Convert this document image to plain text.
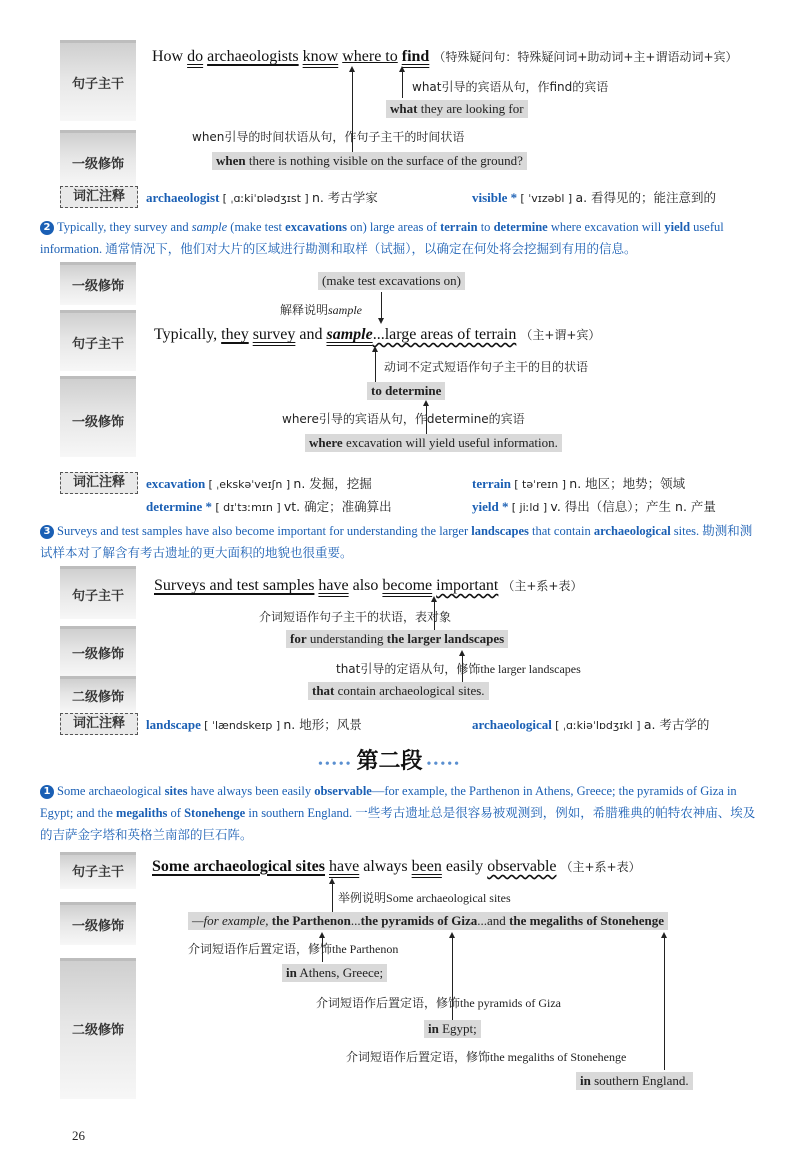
句子主干
How do archaeologists know where to find （特殊疑问句：特殊疑问词+助动词+主+谓语动词+宾）
what引导的宾语从句，作find的宾语
what they are looking for
一级修饰
when引导的时间状语从句，作句子主干的时间状语
when there is nothing visible on the surface of the ground?
词汇注释	archaeologist [ ˌɑːkiˈɒlədʒɪst ] n. 考古学家	visible * [ ˈvɪzəbl ] a. 看得见的；能注意到的
2 Typically, they survey and sample (make test excavations on) large areas of terrain to determine where excavation will yield useful information. 通常情况下，他们对大片的区域进行勘测和取样（试掘），以确定在何处将会挖掘到有用的信息。
一级修饰	(make test excavations on)
解释说明sample
句子主干
Typically, they survey and sample...large areas of terrain （主+谓+宾）
动词不定式短语作句子主干的目的状语
to determine
一级修饰	where引导的宾语从句，作determine的宾语
where excavation will yield useful information.
词汇注释	excavation [ ˌekskəˈveɪʃn ] n. 发掘，挖掘	terrain [ təˈreɪn ] n. 地区；地势；领域
determine * [ dɪˈtɜːmɪn ] vt. 确定；准确算出	yield * [ jiːld ] v. 得出（信息）；产生 n. 产量
3 Surveys and test samples have also become important for understanding the larger landscapes that contain archaeological sites. 勘测和测试样本对了解含有考古遗址的更大面积的地貌也很重要。
句子主干
Surveys and test samples have also become important （主+系+表）
介词短语作句子主干的状语，表对象
一级修饰
for understanding the larger landscapes
that引导的定语从句，修饰the larger landscapes
二级修饰	that contain archaeological sites.
词汇注释	landscape [ ˈlændskeɪp ] n. 地形；风景	archaeological [ ˌɑːkiəˈlɒdʒɪkl ] a. 考古学的
••••• 第二段 •••••
1 Some archaeological sites have always been easily observable—for example, the Parthenon in Athens, Greece; the pyramids of Giza in Egypt; and the megaliths of Stonehenge in southern England. 一些考古遗址总是很容易被观测到，例如，希腊雅典的帕特农神庙、埃及的吉萨金字塔和英格兰南部的巨石阵。
句子主干	Some archaeological sites have always been easily observable （主+系+表）
举例说明Some archaeological sites
一级修饰	—for example, the Parthenon...the pyramids of Giza...and the megaliths of Stonehenge
介词短语作后置定语，修饰the Parthenon
in Athens, Greece;
二级修饰
介词短语作后置定语，修饰the pyramids of Giza
in Egypt;
介词短语作后置定语，修饰the megaliths of Stonehenge
in southern England.
26
